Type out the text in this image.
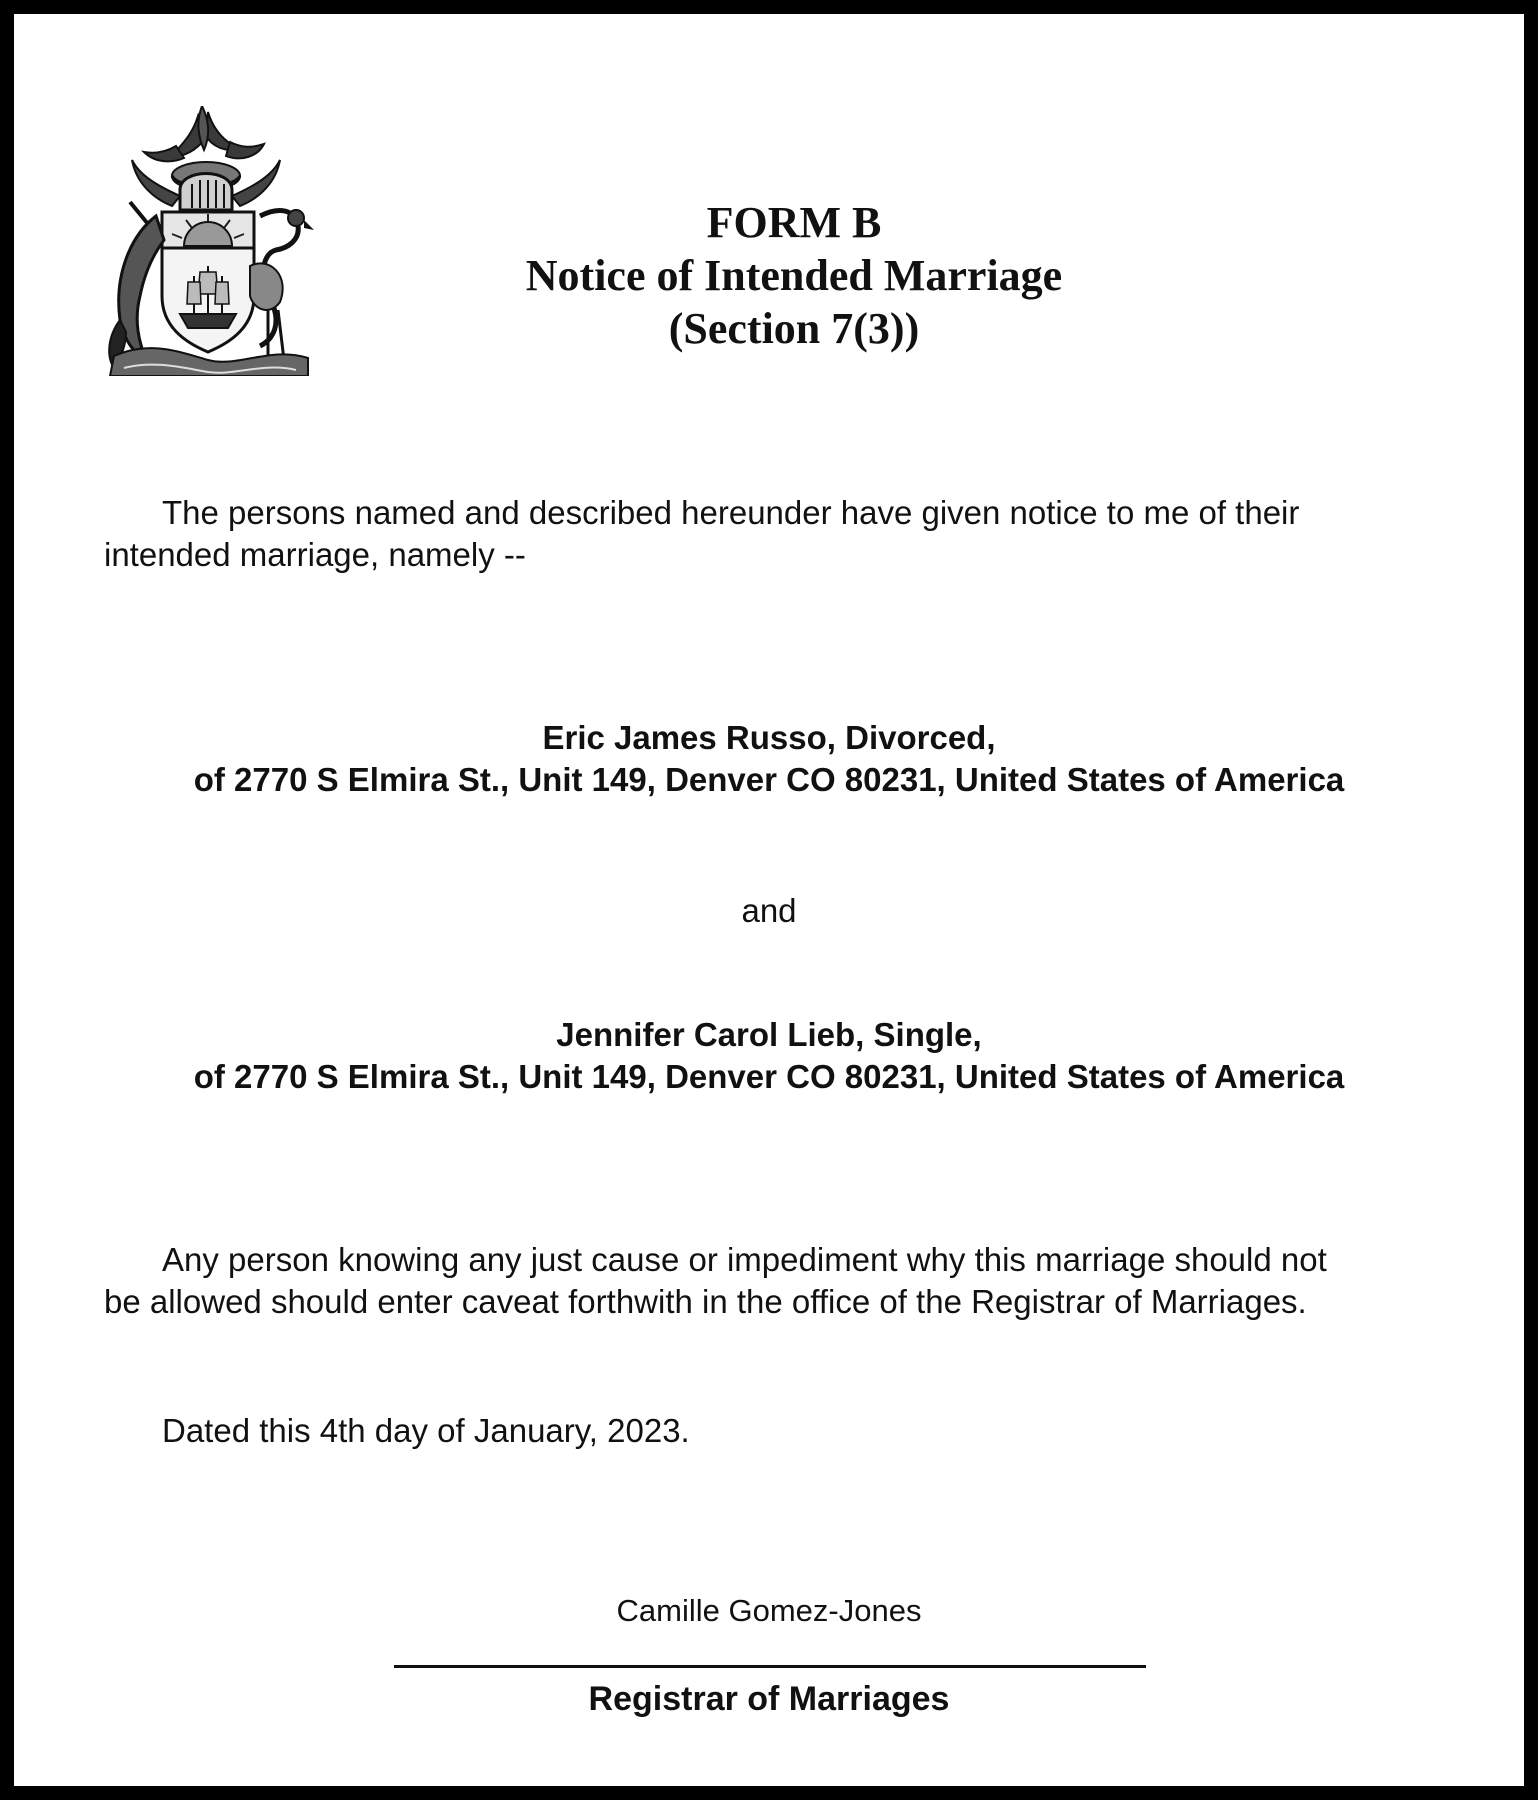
FORM B
Notice of Intended Marriage
(Section 7(3))
The persons named and described hereunder have given notice to me of their
intended marriage, namely --
Eric James Russo, Divorced,
of 2770 S Elmira St., Unit 149, Denver CO 80231, United States of America
and
Jennifer Carol Lieb, Single,
of 2770 S Elmira St., Unit 149, Denver CO 80231, United States of America
Any person knowing any just cause or impediment why this marriage should not
be allowed should enter caveat forthwith in the office of the Registrar of Marriages.
Dated this 4th day of January, 2023.
Camille Gomez-Jones
Registrar of Marriages
